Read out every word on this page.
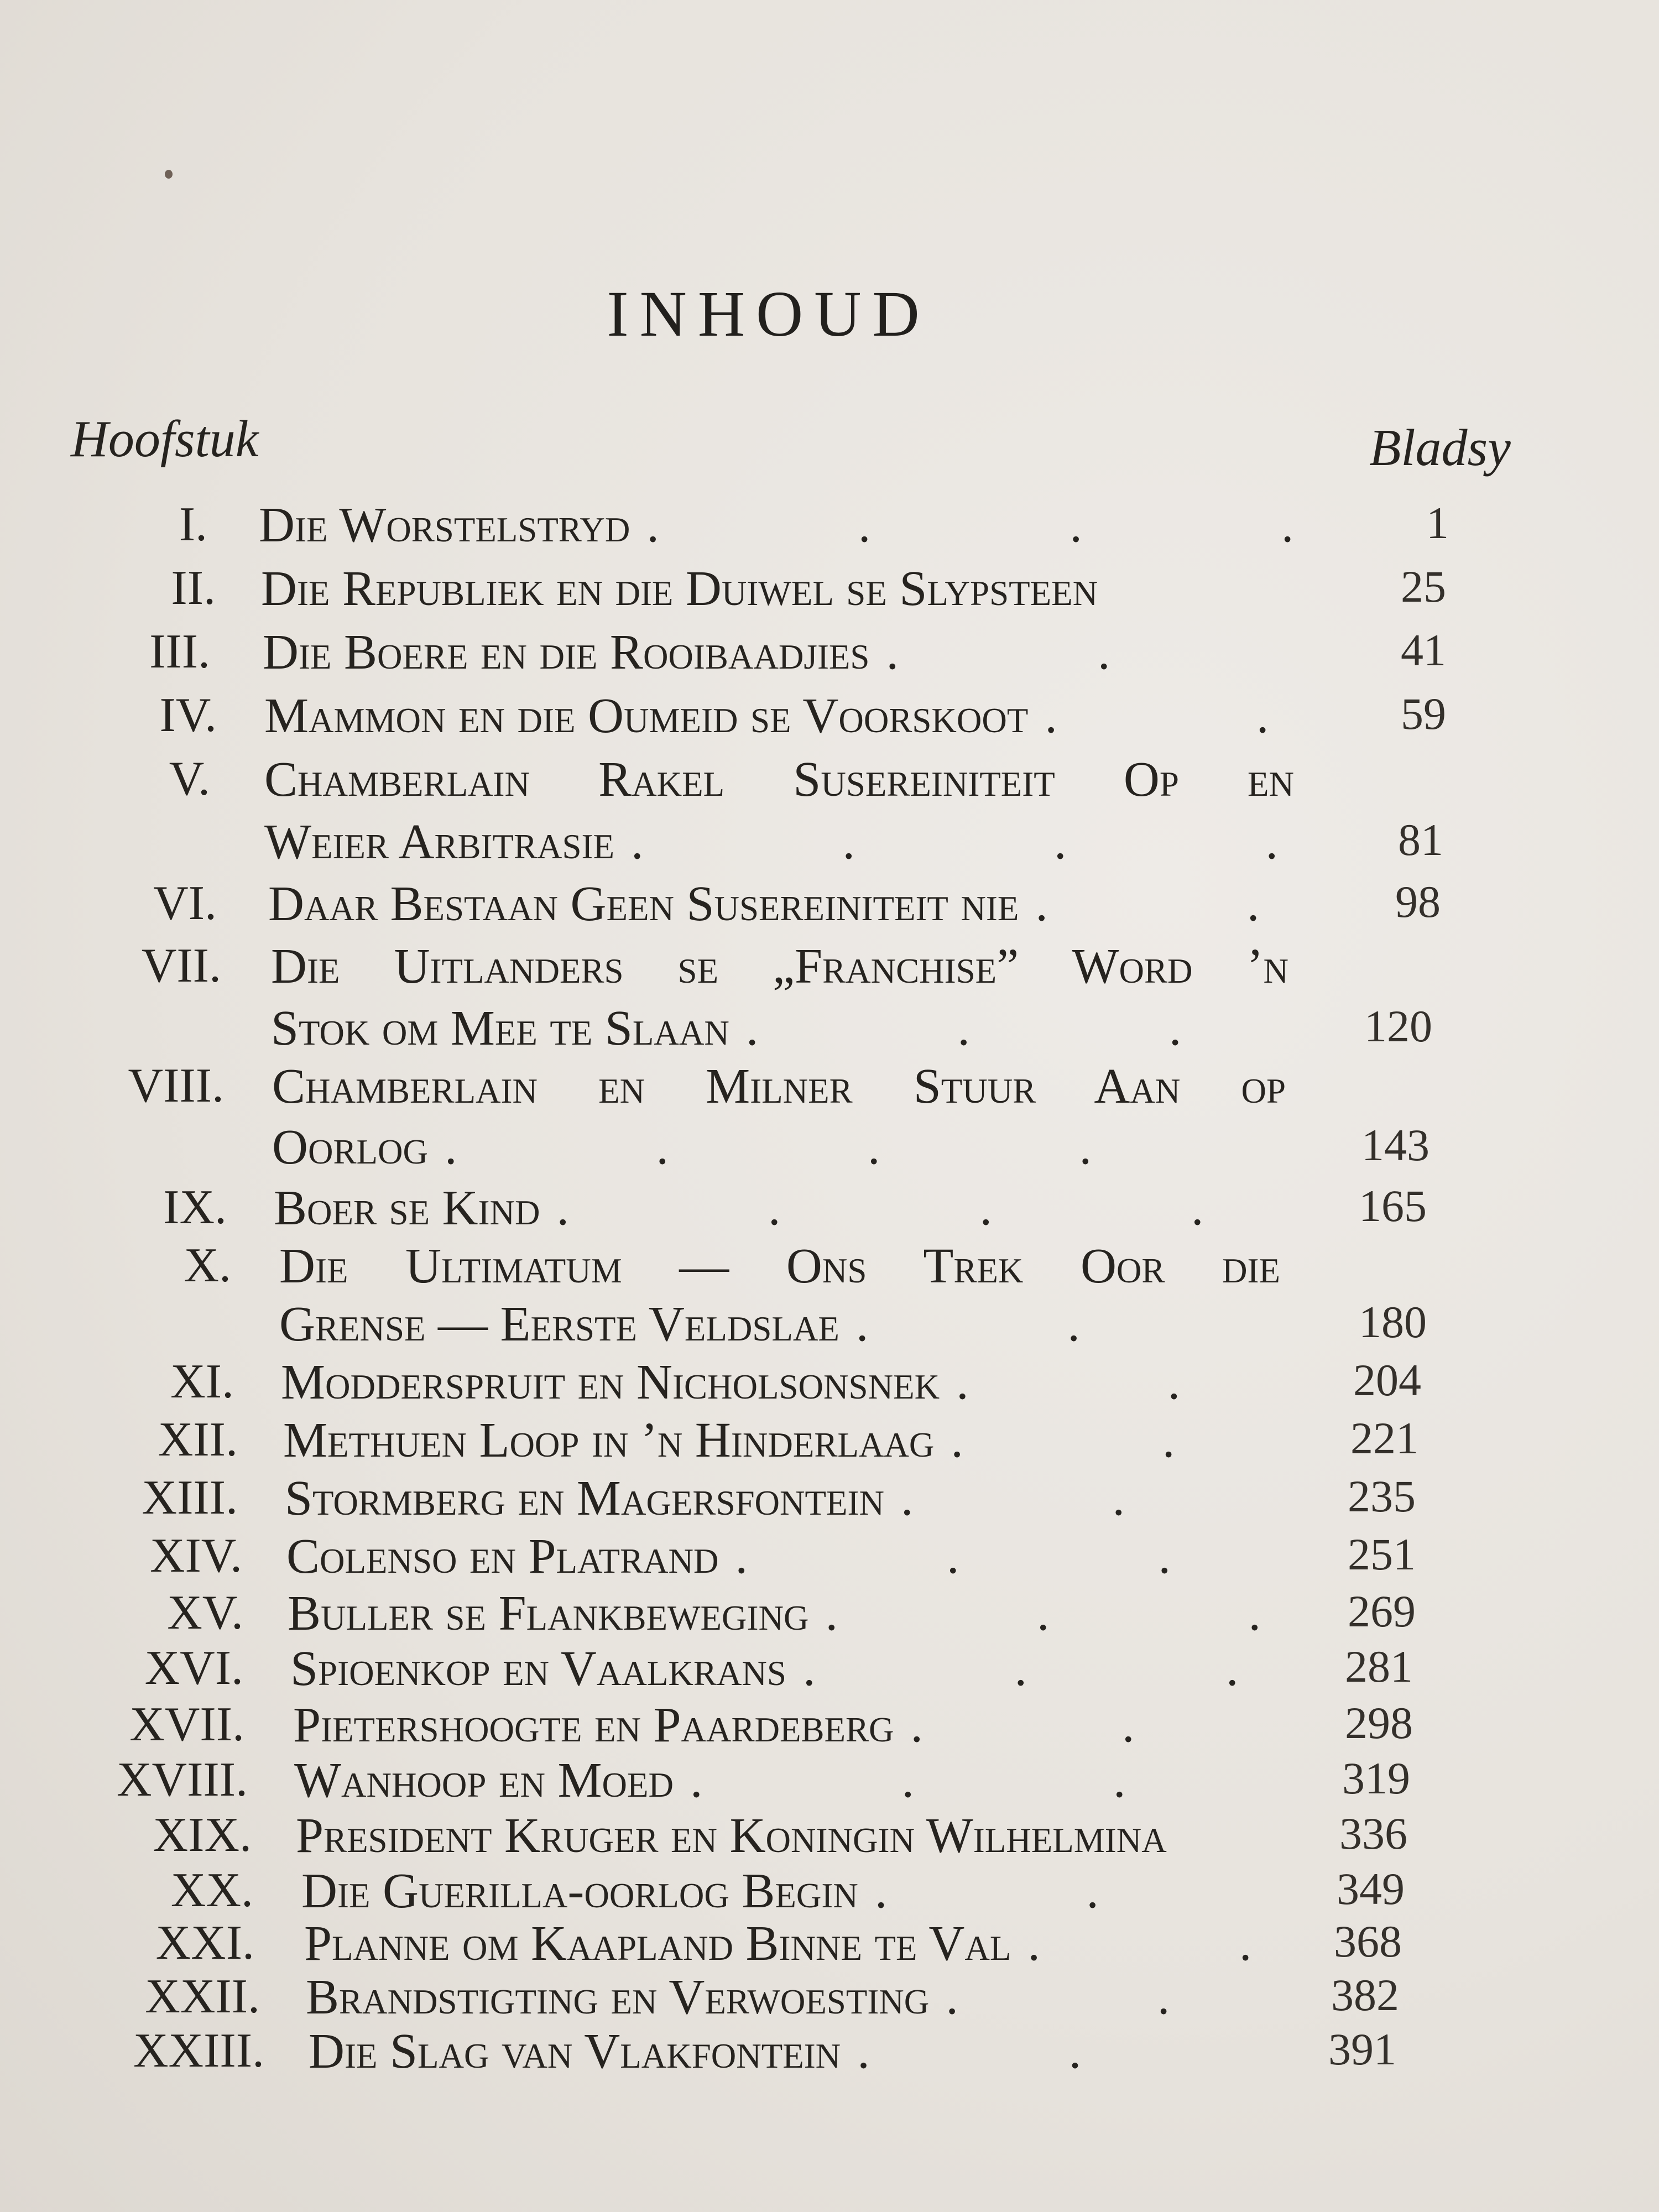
INHOUD
Hoofstuk	Bladsy
I. Die Worstelstryd .	1
II. Die Republiek en die Duiwel se Slypsteen	25
III. Die Boere en die Rooibaadjies .	41
IV. Mammon en die Oumeid se Voorskoot .	59
V. Chamberlain Rakel Susereiniteit Op en
Weier Arbitrasie .	81
VI. Daar Bestaan Geen Susereiniteit nie .	98
VII. Die Uitlanders se „Franchise” Word ’n
Stok om Mee te Slaan .	120
VIII. Chamberlain en Milner Stuur Aan op
Oorlog .	143
IX. Boer se Kind .	165
X. Die Ultimatum — Ons Trek Oor die
Grense — Eerste Veldslae .	180
XI. Modderspruit en Nicholsonsnek .	204
XII. Methuen Loop in ’n Hinderlaag .	221
XIII. Stormberg en Magersfontein .	235
XIV. Colenso en Platrand .	251
XV. Buller se Flankbeweging .	269
XVI. Spioenkop en Vaalkrans .	281
XVII. Pietershoogte en Paardeberg .	298
XVIII. Wanhoop en Moed .	319
XIX. President Kruger en Koningin Wilhelmina	336
XX. Die Guerilla-oorlog Begin .	349
XXI. Planne om Kaapland Binne te Val .	368
XXII. Brandstigting en Verwoesting .	382
XXIII. Die Slag van Vlakfontein .	391
